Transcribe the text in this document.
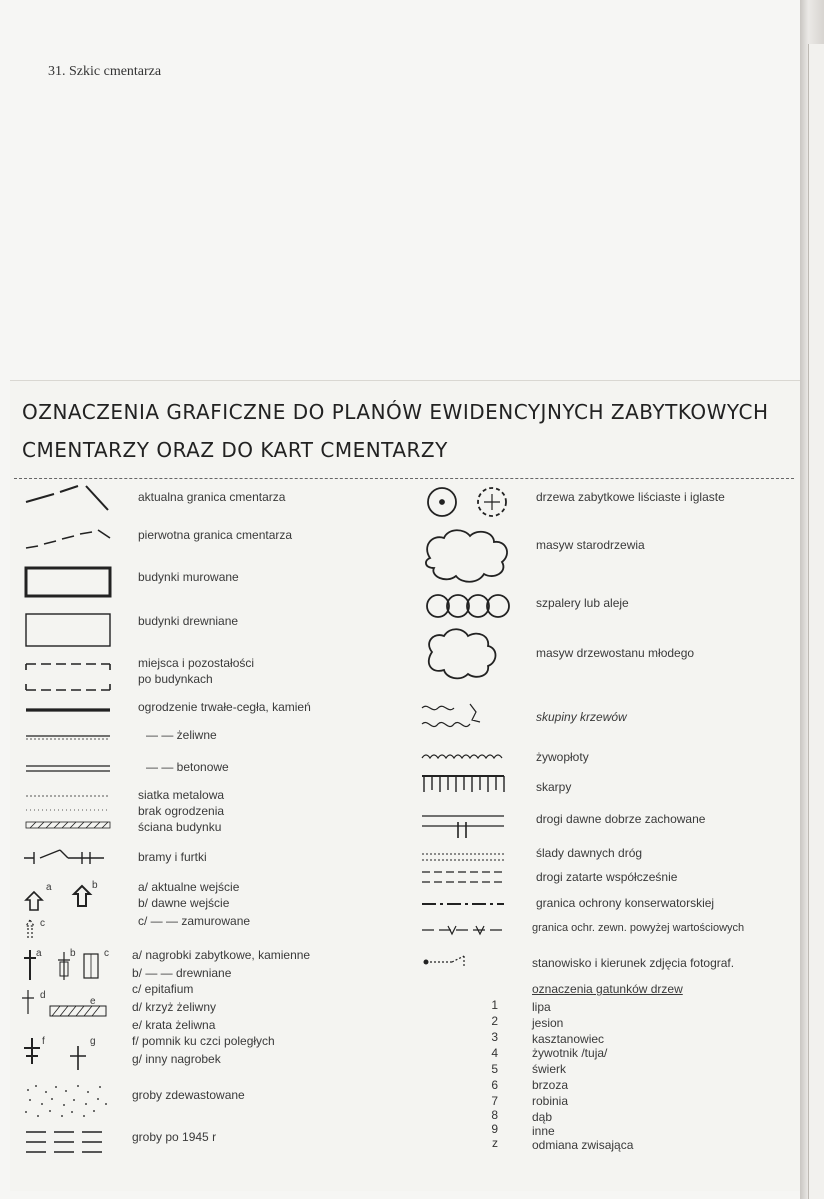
31. Szkic cmentarza
OZNACZENIA GRAFICZNE DO PLANÓW EWIDENCYJNYCH ZABYTKOWYCH
CMENTARZY ORAZ DO KART CMENTARZY
a	b
c
a	b	c
d
e
f	g
aktualna granica cmentarza
pierwotna granica cmentarza
budynki murowane
budynki drewniane
miejsca i pozostałości
po budynkach
ogrodzenie trwałe-cegła, kamień
— — żeliwne
— — betonowe
siatka metalowa
brak ogrodzenia
ściana budynku
bramy i furtki
a/ aktualne wejście
b/ dawne wejście
c/ — — zamurowane
a/ nagrobki zabytkowe, kamienne
b/ — — drewniane
c/ epitafium
d/ krzyż żeliwny
e/ krata żeliwna
f/ pomnik ku czci poległych
g/ inny nagrobek
groby zdewastowane
groby po 1945 r
drzewa zabytkowe liściaste i iglaste
masyw starodrzewia
szpalery lub aleje
masyw drzewostanu młodego
skupiny krzewów
żywopłoty
skarpy
drogi dawne dobrze zachowane
ślady dawnych dróg
drogi zatarte współcześnie
granica ochrony konserwatorskiej
granica ochr. zewn. powyżej wartościowych
stanowisko i kierunek zdjęcia fotograf.
oznaczenia gatunków drzew
1	lipa
2	jesion
3	kasztanowiec
4	żywotnik /tuja/
5	świerk
6	brzoza
7	robinia
8	dąb
9	inne
z	odmiana zwisająca
